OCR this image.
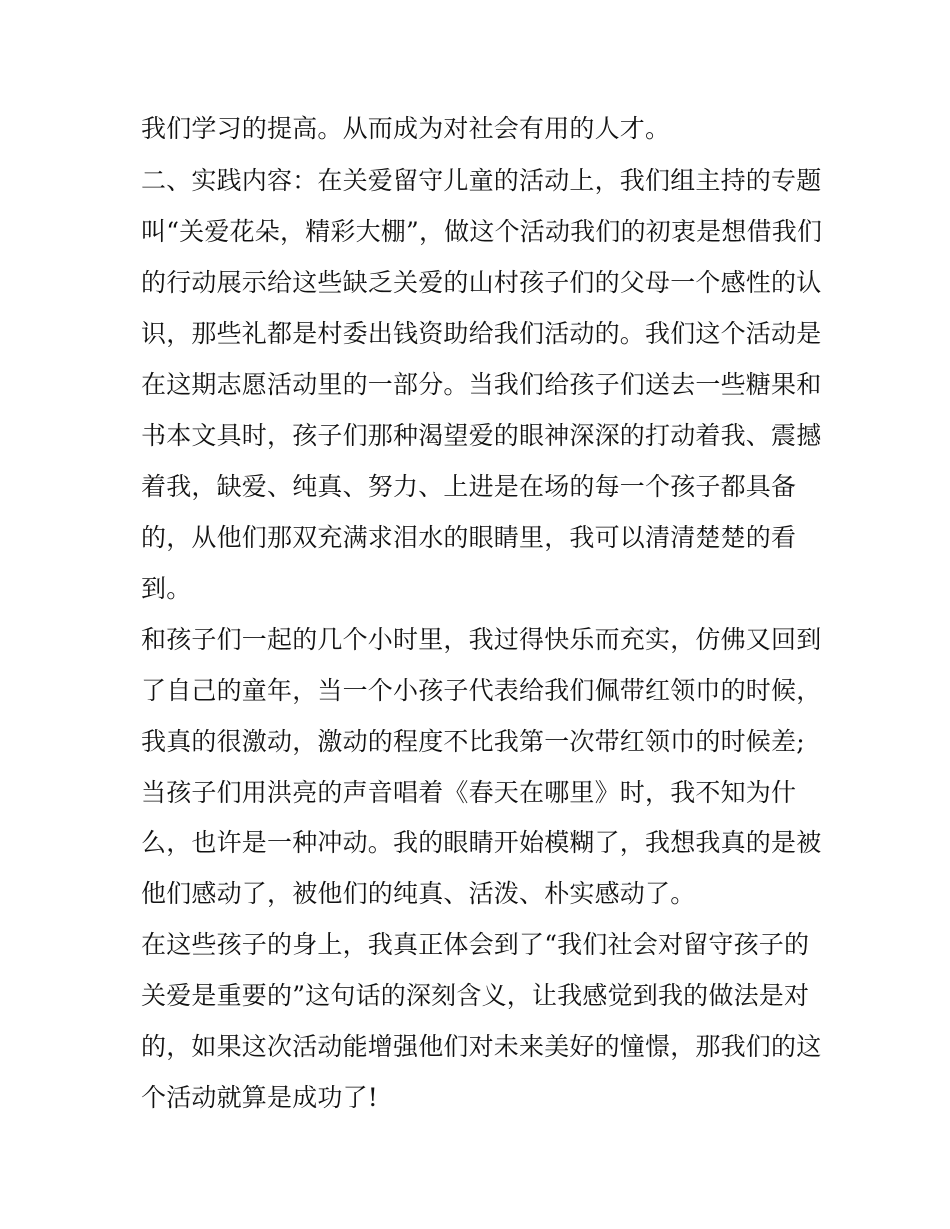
我们学习的提高。从而成为对社会有用的人才。
二、实践内容：在关爱留守儿童的活动上，我们组主持的专题
叫“关爱花朵，精彩大棚”，做这个活动我们的初衷是想借我们
的行动展示给这些缺乏关爱的山村孩子们的父母一个感性的认
识，那些礼都是村委出钱资助给我们活动的。我们这个活动是
在这期志愿活动里的一部分。当我们给孩子们送去一些糖果和
书本文具时，孩子们那种渴望爱的眼神深深的打动着我、震撼
着我，缺爱、纯真、努力、上进是在场的每一个孩子都具备
的，从他们那双充满求泪水的眼睛里，我可以清清楚楚的看
到。
和孩子们一起的几个小时里，我过得快乐而充实，仿佛又回到
了自己的童年，当一个小孩子代表给我们佩带红领巾的时候，
我真的很激动，激动的程度不比我第一次带红领巾的时候差;
当孩子们用洪亮的声音唱着《春天在哪里》时，我不知为什
么，也许是一种冲动。我的眼睛开始模糊了，我想我真的是被
他们感动了，被他们的纯真、活泼、朴实感动了。
在这些孩子的身上，我真正体会到了“我们社会对留守孩子的
关爱是重要的”这句话的深刻含义，让我感觉到我的做法是对
的，如果这次活动能增强他们对未来美好的憧憬，那我们的这
个活动就算是成功了!
